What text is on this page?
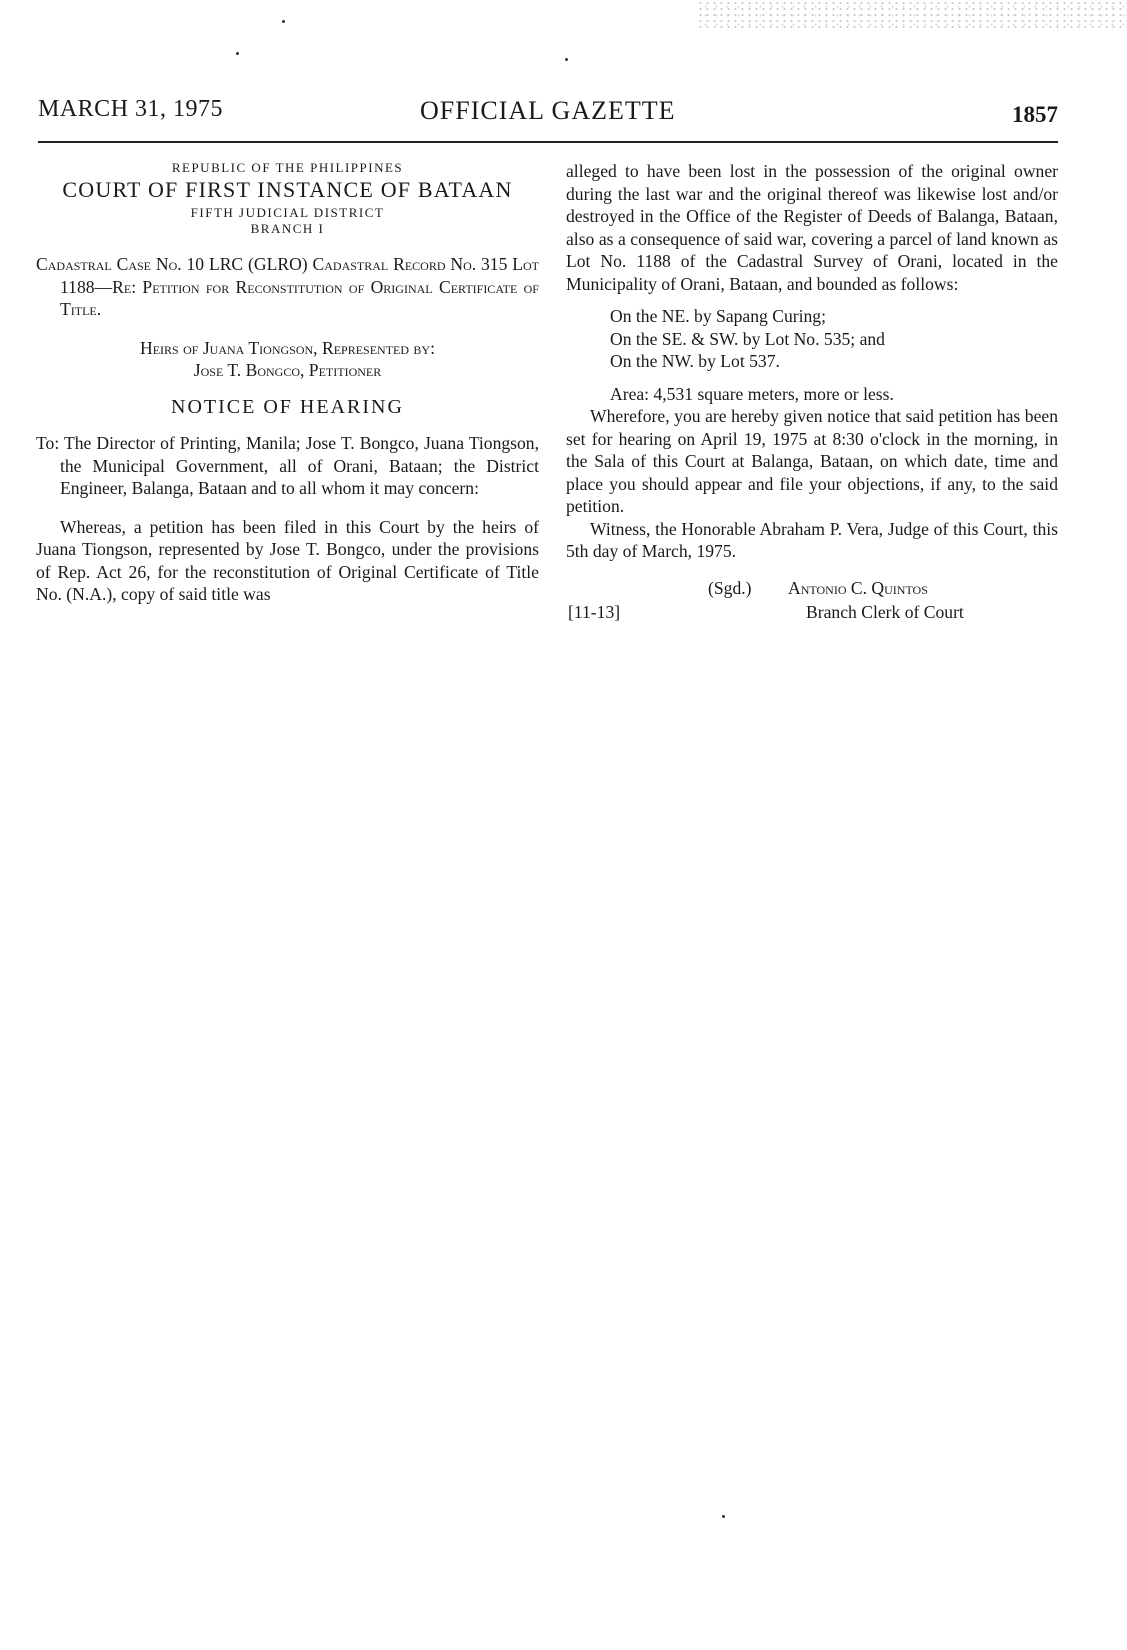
MARCH 31, 1975	OFFICIAL GAZETTE	1857
REPUBLIC OF THE PHILIPPINES
COURT OF FIRST INSTANCE OF BATAAN
FIFTH JUDICIAL DISTRICT
BRANCH I

Cadastral Case No. 10 LRC (GLRO) Cadastral Record No. 315 Lot 1188—Re: Petition for Reconstitution of Original Certificate of Title.

Heirs of Juana Tiongson, Represented by:
Jose T. Bongco, Petitioner
NOTICE OF HEARING

To: The Director of Printing, Manila; Jose T. Bongco, Juana Tiongson, the Municipal Government, all of Orani, Bataan; the District Engineer, Balanga, Bataan and to all whom it may concern:

Whereas, a petition has been filed in this Court by the heirs of Juana Tiongson, represented by Jose T. Bongco, under the provisions of Rep. Act 26, for the reconstitution of Original Certificate of Title No. (N.A.), copy of said title was

alleged to have been lost in the possession of the original owner during the last war and the original thereof was likewise lost and/or destroyed in the Office of the Register of Deeds of Balanga, Bataan, also as a consequence of said war, covering a parcel of land known as Lot No. 1188 of the Cadastral Survey of Orani, located in the Municipality of Orani, Bataan, and bounded as follows:

On the NE. by Sapang Curing;
On the SE. & SW. by Lot No. 535; and
On the NW. by Lot 537.
Area: 4,531 square meters, more or less.

Wherefore, you are hereby given notice that said petition has been set for hearing on April 19, 1975 at 8:30 o'clock in the morning, in the Sala of this Court at Balanga, Bataan, on which date, time and place you should appear and file your objections, if any, to the said petition.

Witness, the Honorable Abraham P. Vera, Judge of this Court, this 5th day of March, 1975.

(Sgd.) Antonio C. Quintos
[11-13]	Branch Clerk of Court
